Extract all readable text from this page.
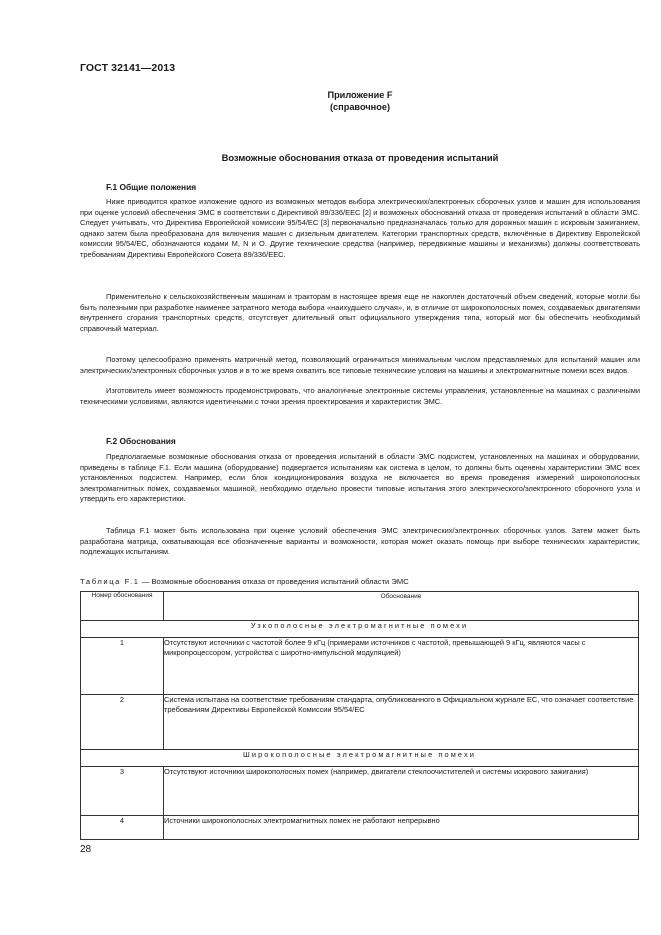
ГОСТ 32141—2013
Приложение F
(справочное)
Возможные обоснования отказа от проведения испытаний
F.1 Общие положения

Ниже приводится краткое изложение одного из возможных методов выбора электрических/электронных сборочных узлов и машин для использования при оценке условий обеспечения ЭМС в соответствии с Директивой 89/336/ЕЕС [2] и возможных обоснований отказа от проведения испытаний в области ЭМС. Следует учитывать, что Директива Европейской комиссии 95/54/ЕС [3] первоначально предназначалась только для дорожных машин с искровым зажиганием, однако затем была преобразована для включения машин с дизельным двигателем. Категории транспортных средств, включённые в Директиву Европейской комиссии 95/54/ЕС, обозначаются кодами M, N и O. Другие технические средства (например, передвижные машины и механизмы) должны соответствовать требованиям Директивы Европейского Совета 89/336/ЕЕС.

Применительно к сельскохозяйственным машинам и тракторам в настоящее время еще не накоплен достаточный объем сведений, которые могли бы быть полезными при разработке наименее затратного метода выбора «наихудшего случая», и, в отличие от широкополосных помех, создаваемых двигателями внутреннего сгорания транспортных средств, отсутствует длительный опыт официального утверждения типа, который мог бы обеспечить необходимый справочный материал.

Поэтому целесообразно применять матричный метод, позволяющий ограничиться минимальным числом представляемых для испытаний машин или электрических/электронных сборочных узлов и в то же время охватить все типовые технические условия на машины и электромагнитные помехи всех видов.

Изготовитель имеет возможность продемонстрировать, что аналогичные электронные системы управления, установленные на машинах с различными техническими условиями, являются идентичными с точки зрения проектирования и характеристик ЭМС.

F.2 Обоснования

Предполагаемые возможные обоснования отказа от проведения испытаний в области ЭМС подсистем, установленных на машинах и оборудовании, приведены в таблице F.1. Если машина (оборудование) подвергается испытаниям как система в целом, то должны быть оценены характеристики ЭМС всех установленных подсистем. Например, если блок кондиционирования воздуха не включается во время проведения измерений широкополосных электромагнитных помех, создаваемых машиной, необходимо отдельно провести типовые испытания этого электрического/электронного сборочного узла и утвердить его характеристики.

Таблица F.1 может быть использована при оценке условий обеспечения ЭМС электрических/электронных сборочных узлов. Затем может быть разработана матрица, охватывающая все обозначенные варианты и возможности, которая может оказать помощь при выборе технических характеристик, подлежащих испытаниям.

Таблица F.1 — Возможные обоснования отказа от проведения испытаний области ЭМС
Номер обоснования	Обоснование
Узкополосные электромагнитные помехи	
1	Отсутствуют источники с частотой более 9 кГц (примерами источников с частотой, превышающей 9 кГц, являются часы с микропроцессором, устройства с широтно-импульсной модуляцией)
2	Система испытана на соответствие требованиям стандарта, опубликованного в Официальном журнале ЕС, что означает соответствие требованиям Директивы Европейской Комиссии 95/54/ЕС
Широкополосные электромагнитные помехи	
3	Отсутствуют источники широкополосных помех (например, двигатели стеклоочистителей и системы искрового зажигания)
4	Источники широкополосных электромагнитных помех не работают непрерывно
28
